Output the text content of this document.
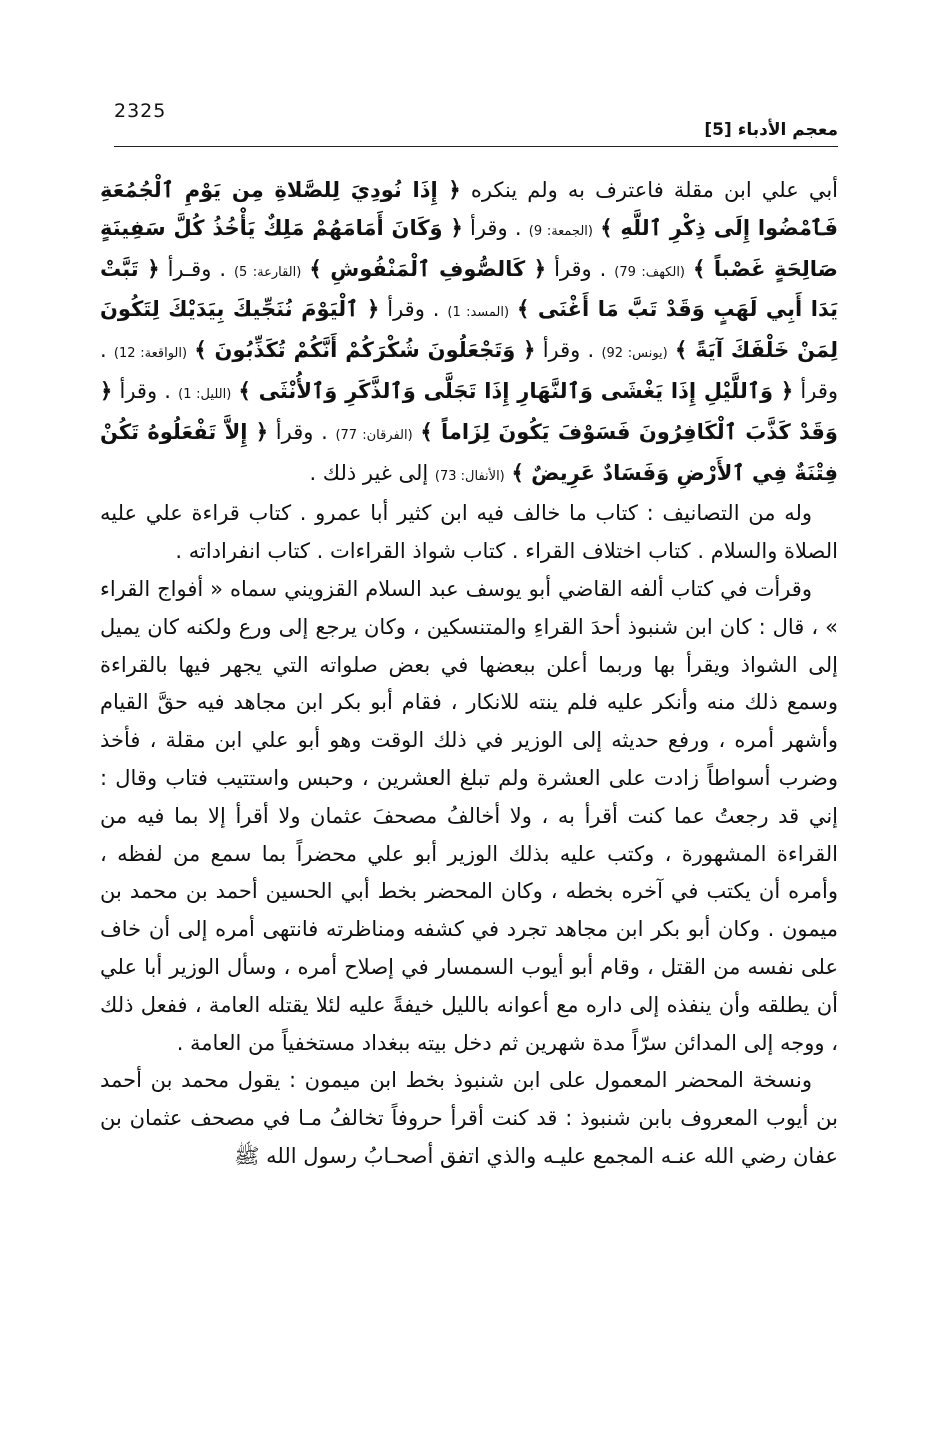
2325
معجم الأدباء [5]

أبي علي ابن مقلة فاعترف به ولم ينكره ﴿ إِذَا نُودِيَ لِلصَّلاةِ مِن يَوْمِ ٱلْجُمُعَةِ فَٱمْضُوا إِلَى ذِكْرِ ٱللَّهِ ﴾ (الجمعة: 9) . وقرأ ﴿ وَكَانَ أَمَامَهُمْ مَلِكٌ يَأْخُذُ كُلَّ سَفِينَةٍ صَالِحَةٍ غَصْباً ﴾ (الكهف: 79) . وقرأ ﴿ كَالصُّوفِ ٱلْمَنْفُوشِ ﴾ (القارعة: 5) . وقـرأ ﴿ تَبَّتْ يَدَا أَبِي لَهَبٍ وَقَدْ تَبَّ مَا أَغْنَى ﴾ (المسد: 1) . وقرأ ﴿ ٱلْيَوْمَ نُنَجِّيكَ بِيَدَيْكَ لِتَكُونَ لِمَنْ خَلْفَكَ آيَةً ﴾ (يونس: 92) . وقرأ ﴿ وَتَجْعَلُونَ شُكْرَكُمْ أَنَّكُمْ تُكَذِّبُونَ ﴾ (الواقعة: 12) . وقرأ ﴿ وَٱللَّيْلِ إِذَا يَغْشَى وَٱلنَّهَارِ إِذَا تَجَلَّى وَٱلذَّكَرِ وَٱلأُنْثَى ﴾ (الليل: 1) . وقرأ ﴿ وَقَدْ كَذَّبَ ٱلْكَافِرُونَ فَسَوْفَ يَكُونَ لِزَاماً ﴾ (الفرقان: 77) . وقرأ ﴿ إِلاَّ تَفْعَلُوهُ تَكُنْ فِتْنَةٌ فِي ٱلأَرْضِ وَفَسَادٌ عَرِيضٌ ﴾ (الأنفال: 73) إلى غير ذلك .

وله من التصانيف : كتاب ما خالف فيه ابن كثير أبا عمرو . كتاب قراءة علي عليه الصلاة والسلام . كتاب اختلاف القراء . كتاب شواذ القراءات . كتاب انفراداته .

وقرأت في كتاب ألفه القاضي أبو يوسف عبد السلام القزويني سماه « أفواج القراء » ، قال : كان ابن شنبوذ أحدَ القراءِ والمتنسكين ، وكان يرجع إلى ورع ولكنه كان يميل إلى الشواذ ويقرأ بها وربما أعلن ببعضها في بعض صلواته التي يجهر فيها بالقراءة وسمع ذلك منه وأنكر عليه فلم ينته للانكار ، فقام أبو بكر ابن مجاهد فيه حقَّ القيام وأشهر أمره ، ورفع حديثه إلى الوزير في ذلك الوقت وهو أبو علي ابن مقلة ، فأخذ وضرب أسواطاً زادت على العشرة ولم تبلغ العشرين ، وحبس واستتيب فتاب وقال : إني قد رجعتُ عما كنت أقرأ به ، ولا أخالفُ مصحفَ عثمان ولا أقرأ إلا بما فيه من القراءة المشهورة ، وكتب عليه بذلك الوزير أبو علي محضراً بما سمع من لفظه ، وأمره أن يكتب في آخره بخطه ، وكان المحضر بخط أبي الحسين أحمد بن محمد بن ميمون . وكان أبو بكر ابن مجاهد تجرد في كشفه ومناظرته فانتهى أمره إلى أن خاف على نفسه من القتل ، وقام أبو أيوب السمسار في إصلاح أمره ، وسأل الوزير أبا علي أن يطلقه وأن ينفذه إلى داره مع أعوانه بالليل خيفةً عليه لئلا يقتله العامة ، ففعل ذلك ، ووجه إلى المدائن سرّاً مدة شهرين ثم دخل بيته ببغداد مستخفياً من العامة .

ونسخة المحضر المعمول على ابن شنبوذ بخط ابن ميمون : يقول محمد بن أحمد بن أيوب المعروف بابن شنبوذ : قد كنت أقرأ حروفاً تخالفُ مـا في مصحف عثمان بن عفان رضي الله عنـه المجمع عليـه والذي اتفق أصحـابُ رسول الله ﷺ
